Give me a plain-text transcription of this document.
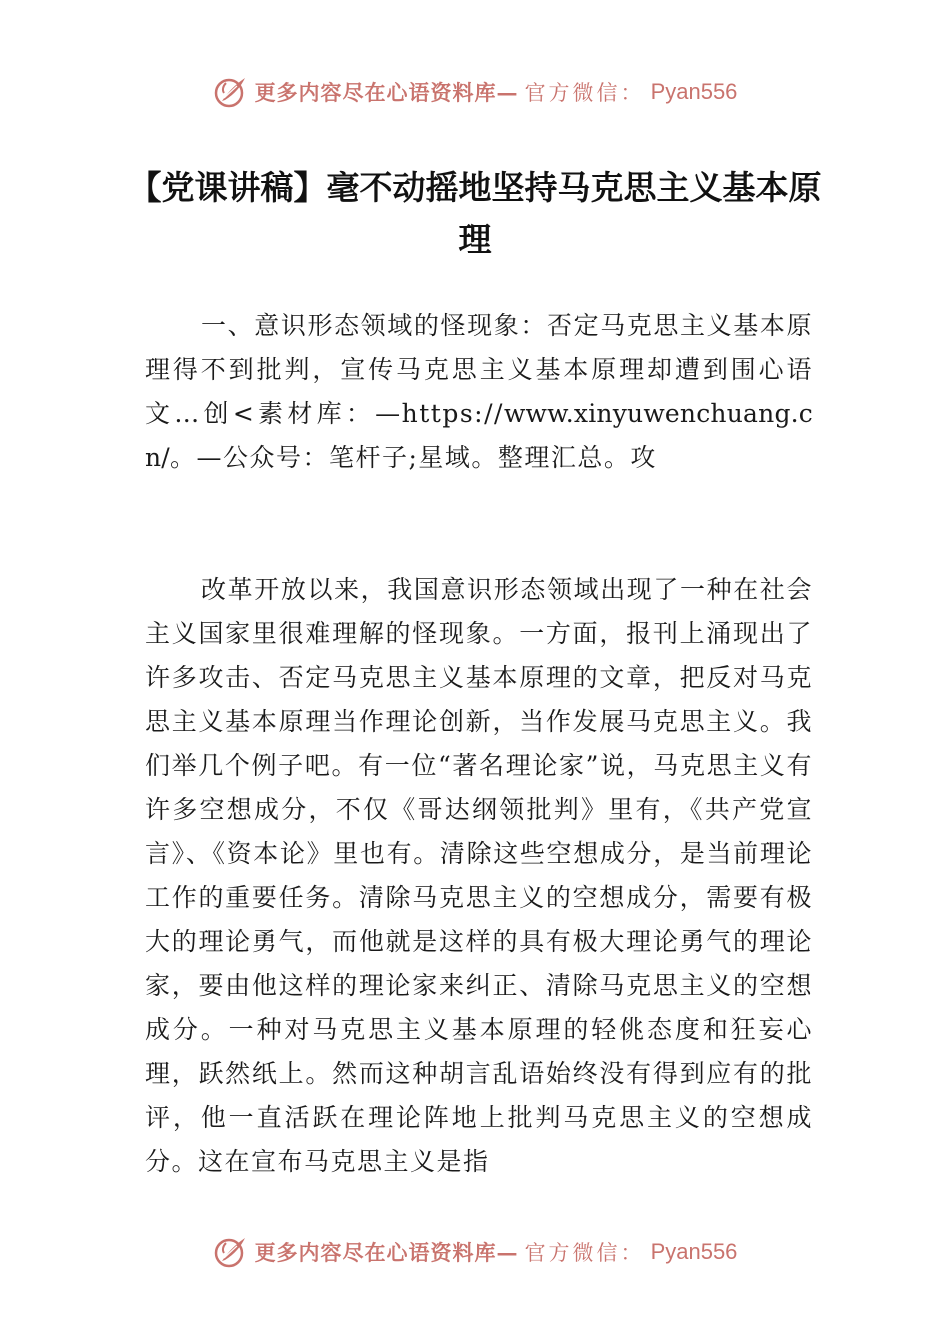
更多内容尽在心语资料库— 官方微信： Pyan556
【党课讲稿】毫不动摇地坚持马克思主义基本原理

一、意识形态领域的怪现象：否定马克思主义基本原理得不到批判，宣传马克思主义基本原理却遭到围心语文…创<素材库：—https://www.xinyuwenchuang.cn/。—公众号：笔杆子;星域。整理汇总。攻

改革开放以来，我国意识形态领域出现了一种在社会主义国家里很难理解的怪现象。一方面，报刊上涌现出了许多攻击、否定马克思主义基本原理的文章，把反对马克思主义基本原理当作理论创新，当作发展马克思主义。我们举几个例子吧。有一位“著名理论家”说，马克思主义有许多空想成分，不仅《哥达纲领批判》里有，《共产党宣言》、《资本论》里也有。清除这些空想成分，是当前理论工作的重要任务。清除马克思主义的空想成分，需要有极大的理论勇气，而他就是这样的具有极大理论勇气的理论家，要由他这样的理论家来纠正、清除马克思主义的空想成分。一种对马克思主义基本原理的轻佻态度和狂妄心理，跃然纸上。然而这种胡言乱语始终没有得到应有的批评，他一直活跃在理论阵地上批判马克思主义的空想成分。这在宣布马克思主义是指

更多内容尽在心语资料库— 官方微信： Pyan556
